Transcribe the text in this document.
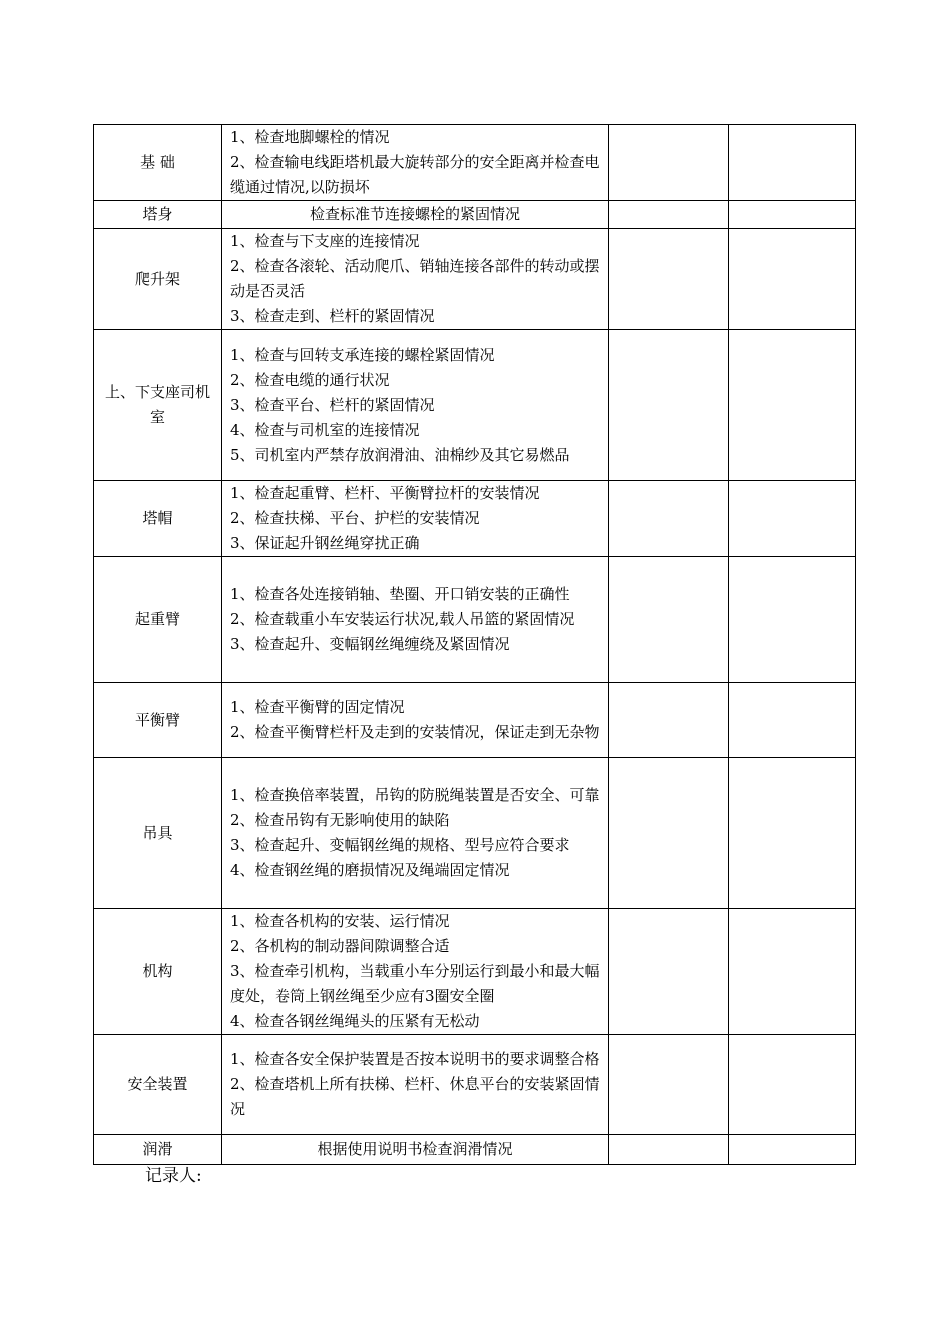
基 础	1、检查地脚螺栓的情况
2、检查输电线距塔机最大旋转部分的安全距离并检查电缆通过情况,以防损坏		

塔身	检查标准节连接螺栓的紧固情况		

爬升架	1、检查与下支座的连接情况
2、检查各滚轮、活动爬爪、销轴连接各部件的转动或摆动是否灵活
3、检查走到、栏杆的紧固情况		

上、下支座司机室	1、检查与回转支承连接的螺栓紧固情况
2、检查电缆的通行状况
3、检查平台、栏杆的紧固情况
4、检查与司机室的连接情况
5、司机室内严禁存放润滑油、油棉纱及其它易燃品		

塔帽	1、检查起重臂、栏杆、平衡臂拉杆的安装情况
2、检查扶梯、平台、护栏的安装情况
3、保证起升钢丝绳穿扰正确		

起重臂	1、检查各处连接销轴、垫圈、开口销安装的正确性
2、检查载重小车安装运行状况,载人吊篮的紧固情况
3、检查起升、变幅钢丝绳缠绕及紧固情况		

平衡臂	1、检查平衡臂的固定情况
2、检查平衡臂栏杆及走到的安装情况，保证走到无杂物		

吊具	1、检查换倍率装置，吊钩的防脱绳装置是否安全、可靠
2、检查吊钩有无影响使用的缺陷
3、检查起升、变幅钢丝绳的规格、型号应符合要求
4、检查钢丝绳的磨损情况及绳端固定情况		

机构	1、检查各机构的安装、运行情况
2、各机构的制动器间隙调整合适
3、检查牵引机构，当载重小车分别运行到最小和最大幅度处，卷筒上钢丝绳至少应有3圈安全圈
4、检查各钢丝绳绳头的压紧有无松动		

安全装置	1、检查各安全保护装置是否按本说明书的要求调整合格
2、检查塔机上所有扶梯、栏杆、休息平台的安装紧固情况		

润滑	根据使用说明书检查润滑情况		

记录人:
